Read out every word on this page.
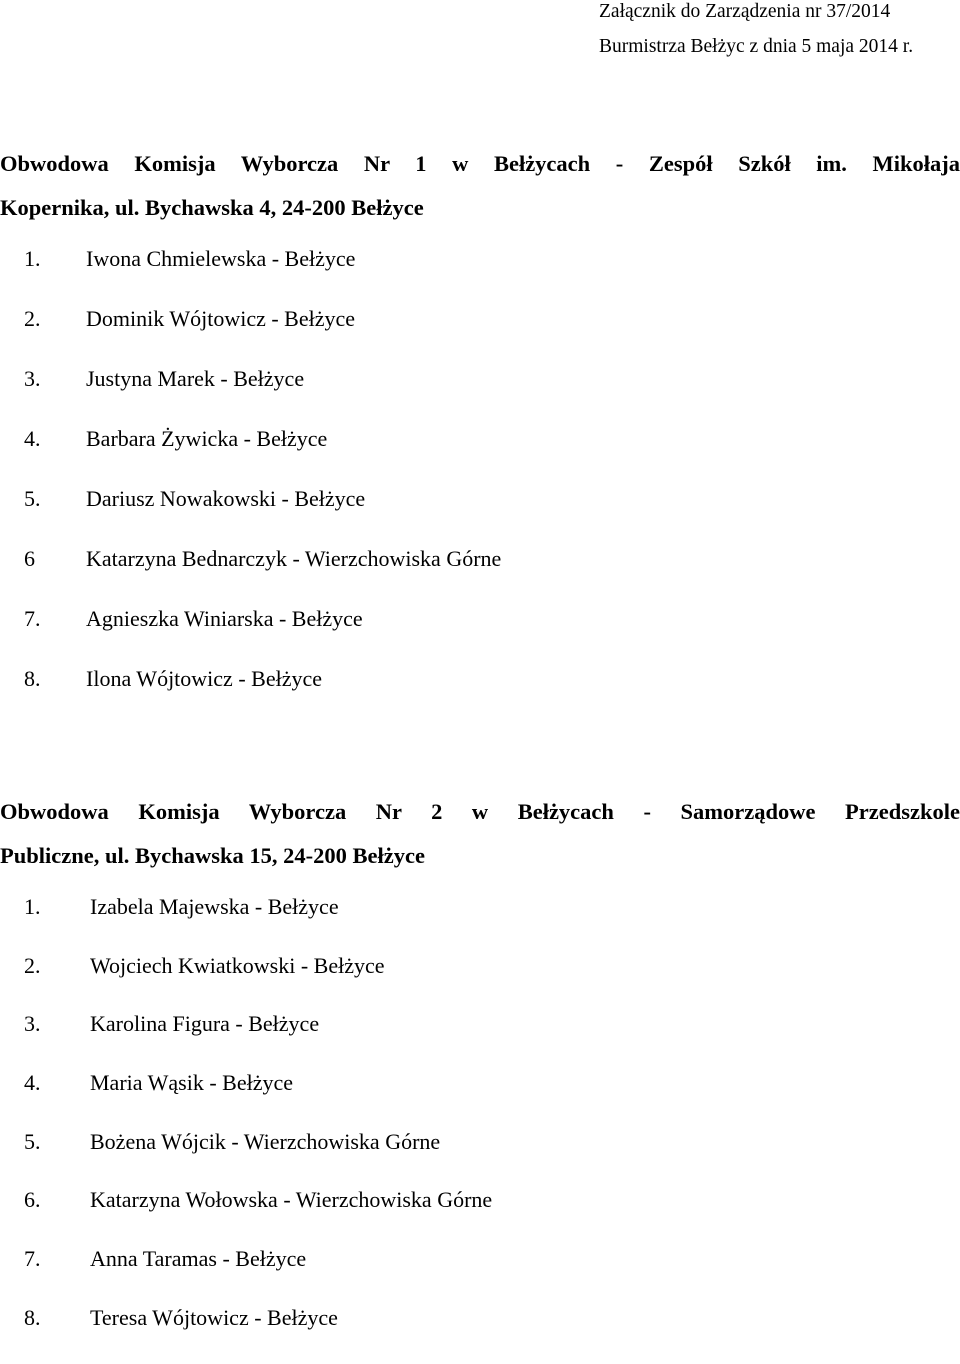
Załącznik do Zarządzenia nr 37/2014
Burmistrza Bełżyc z dnia 5 maja 2014 r.
Obwodowa Komisja Wyborcza Nr 1 w Bełżycach - Zespół Szkół im. Mikołaja
Kopernika, ul. Bychawska 4, 24-200 Bełżyce
1.	Iwona Chmielewska - Bełżyce
2.	Dominik Wójtowicz - Bełżyce
3.	Justyna Marek - Bełżyce
4.	Barbara Żywicka - Bełżyce
5.	Dariusz Nowakowski - Bełżyce
6	Katarzyna Bednarczyk - Wierzchowiska Górne
7.	Agnieszka Winiarska - Bełżyce
8.	Ilona Wójtowicz - Bełżyce
Obwodowa Komisja Wyborcza Nr 2 w Bełżycach - Samorządowe Przedszkole
Publiczne, ul. Bychawska 15, 24-200 Bełżyce
1.	Izabela Majewska - Bełżyce
2.	Wojciech Kwiatkowski - Bełżyce
3.	Karolina Figura - Bełżyce
4.	Maria Wąsik - Bełżyce
5.	Bożena Wójcik - Wierzchowiska Górne
6.	Katarzyna Wołowska - Wierzchowiska Górne
7.	Anna Taramas - Bełżyce
8.	Teresa Wójtowicz - Bełżyce
